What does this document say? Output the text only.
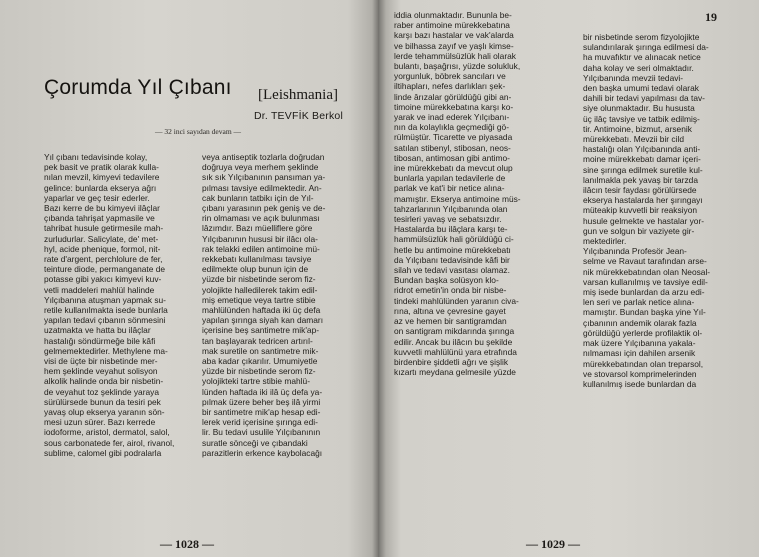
Çorumda Yıl Çıbanı [Leishmania]
Dr. TEVFİK Berkol
— 32 inci sayıdan devam —
Yıl çıbanı tedavisinde kolay,
pek basit ve pratik olarak kulla-
nılan mevzil, kimyevi tedavilere
gelince: bunlarda ekserya ağrı
yaparlar ve geç tesir ederler.
Bazı kerre de bu kimyevi ilâçlar
çıbanda tahrişat yapmasile ve
tahribat husule getirmesile mah-
zurludurlar. Salicylate, de' met-
hyl, acide phenique, formol, nit-
rate d'argent, perchlolure de fer,
teinture diode, permanganate de
potasse gibi yakıcı kimyevi kuv-
vetli maddeleri mahlül halinde
Yılçıbanına atuşman yapmak su-
retile kullanılmakta isede bunlarla
yapılan tedavi çıbanın sönmesini
uzatmakta ve hatta bu ilâçlar
hastalığı söndürmeğe bile kâfi
gelmemektedirler. Methylene ma-
visi de üçte bir nisbetinde mer-
hem şeklinde veyahut solisyon
alkolik halinde onda bir nisbetin-
de veyahut toz şeklinde yaraya
sürülürsede bunun da tesiri pek
yavaş olup ekserya yaranın sön-
mesi uzun sürer. Bazı kerrede
iodoforme, aristol, dermatol, salol,
sous carbonatede fer, airol, rivanol,
sublime, calomel gibi podralarla
veya antiseptik tozlarla doğrudan
doğruya veya merhem şeklinde
sık sık Yılçıbanının pansıman ya-
pılması tavsiye edilmektedir. An-
cak bunların tatbikı için de Yıl-
çıbanı yarasının pek geniş ve de-
rin olmaması ve açık bulunması
lâzımdır. Bazı müelliflere göre
Yılçıbanının hususi bir ilâcı ola-
rak telakki edilen antimoine mü-
rekkebatı kullanılması tavsiye
edilmekte olup bunun için de
yüzde bir nisbetinde serom fiz-
yolojikte halledilerek takim edil-
miş emetique veya tartre stibie
mahlülünden haftada iki üç defa
yapılan şırınga siyah kan damarı
içerisine beş santimetre mik'ap-
tan başlayarak tedricen artırıl-
mak suretile on santimetre mik-
aba kadar çıkarılır. Umumiyetle
yüzde bir nisbetinde serom fiz-
yolojikteki tartre stibie mahlü-
lünden haftada iki ilâ üç defa ya-
pılmak üzere beher beş ilâ yirmi
bir santimetre mik'ap hesap edi-
lerek verid içerisine şırınga edi-
lir. Bu tedavi usulile Yılçıbanının
suratle sönceği ve çıbandaki
parazitlerin erkence kaybolacağı
— 1028 —
iddia olunmaktadır. Bununla be-
raber antimoine mürekkebatına
karşı bazı hastalar ve vak'alarda
ve bilhassa zayıf ve yaşlı kimse-
lerde tehammülsüzlük hali olarak
bulantı, başağrısı, yüzde solukluk,
yorgunluk, böbrek sancıları ve
iltihapları, nefes darlıkları şek-
linde ârızalar görüldüğü gibi an-
timoine mürekkebatına karşı ko-
yarak ve inad ederek Yılçıbanı-
nın da kolaylıkla geçmediği gö-
rülmüştür. Ticarette ve piyasada
satılan stibenyl, stibosan, neos-
tibosan, antimosan gibi antimo-
ine mürekkebatı da mevcut olup
bunlarla yapılan tedavilerle de
parlak ve kat'i bir netice alına-
mamıştır. Ekserya antimoine müs-
tahzarlarının Yılçıbanında olan
tesirleri yavaş ve sebatsızdır.
Hastalarda bu ilâçlara karşı te-
hammülsüzlük hali görüldüğü ci-
hetle bu antimoine mürekkebatı
da Yılçıbanı tedavisinde kâfi bir
silah ve tedavi vasıtası olamaz.
Bundan başka solüsyon klo-
ridrot emetin'in onda bir nisbe-
tindeki mahlülünden yaranın civa-
rına, altına ve çevresine gayet
az ve hemen bir santigramdan
on santigram mikdarında şırınga
edilir. Ancak bu ilâcın bu şekilde
kuvvetli mahlülünü yara etrafında
birdenbire şiddetli ağrı ve şişlik
kızartı meydana gelmesile yüzde
bir nisbetinde serom fizyolojikte
sulandırılarak şırınga edilmesi da-
ha muvafıktır ve alınacak netice
daha kolay ve seri olmaktadır.
Yılçıbanında mevzii tedavi-
den başka umumi tedavi olarak
dahili bir tedavi yapılması da tav-
siye olunmaktadır. Bu hususta
üç ilâç tavsiye ve tatbik edilmiş-
tir. Antimoine, bizmut, arsenik
mürekkebatı. Mevzii bir cild
hastalığı olan Yılçıbanında anti-
moine mürekkebatı damar içeri-
sine şırınga edilmek suretile kul-
lanılmakla pek yavaş bir tarzda
ilâcın tesir faydası görülürsede
ekserya hastalarda her şırıngayı
müteakip kuvvetli bir reaksiyon
husule gelmekte ve hastalar yor-
gun ve solgun bir vaziyete gir-
mektedirler.
Yılçıbanında Profesör Jean-
selme ve Ravaut tarafından arse-
nik mürekkebatından olan Neosal-
varsan kullanılmış ve tavsiye edil-
miş isede bunlardan da arzu edi-
len seri ve parlak netice alına-
mamıştır. Bundan başka yine Yıl-
çıbanının andemik olarak fazla
görüldüğü yerlerde profilaktik ol-
mak üzere Yılçıbanına yakala-
nılmaması için dahilen arsenik
mürekkebatından olan treparsol,
ve stovarsol komprimelerinden
kullanılmış isede bunlardan da
— 1029 —
19
